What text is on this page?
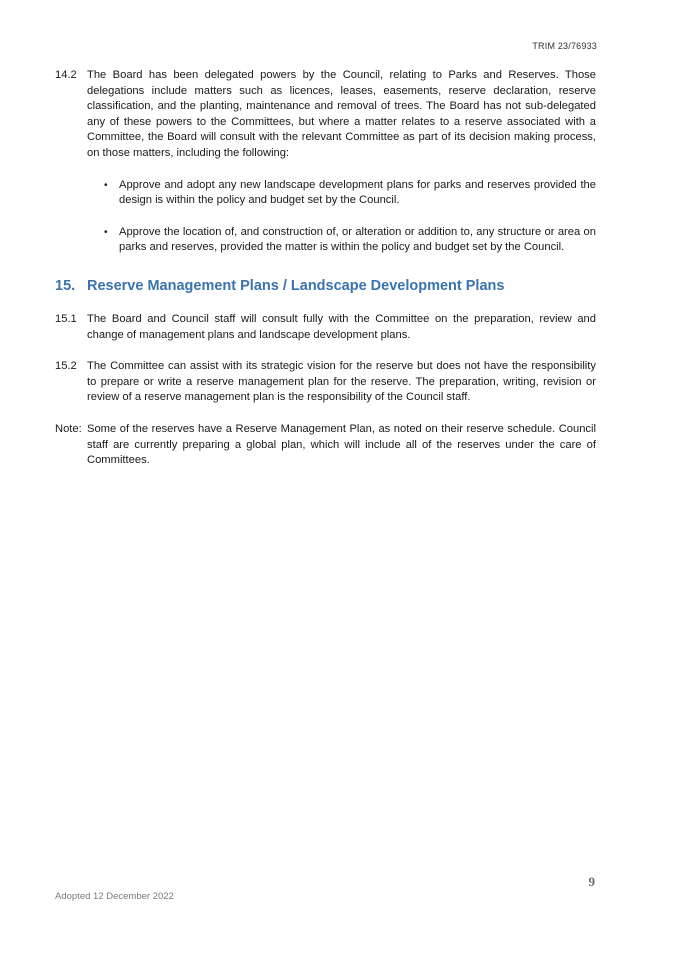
TRIM 23/76933

14.2 The Board has been delegated powers by the Council, relating to Parks and Reserves. Those delegations include matters such as licences, leases, easements, reserve declaration, reserve classification, and the planting, maintenance and removal of trees. The Board has not sub-delegated any of these powers to the Committees, but where a matter relates to a reserve associated with a Committee, the Board will consult with the relevant Committee as part of its decision making process, on those matters, including the following:

• Approve and adopt any new landscape development plans for parks and reserves provided the design is within the policy and budget set by the Council.
• Approve the location of, and construction of, or alteration or addition to, any structure or area on parks and reserves, provided the matter is within the policy and budget set by the Council.
15. Reserve Management Plans / Landscape Development Plans

15.1 The Board and Council staff will consult fully with the Committee on the preparation, review and change of management plans and landscape development plans.

15.2 The Committee can assist with its strategic vision for the reserve but does not have the responsibility to prepare or write a reserve management plan for the reserve. The preparation, writing, revision or review of a reserve management plan is the responsibility of the Council staff.

Note: Some of the reserves have a Reserve Management Plan, as noted on their reserve schedule. Council staff are currently preparing a global plan, which will include all of the reserves under the care of Committees.

9
Adopted 12 December 2022
